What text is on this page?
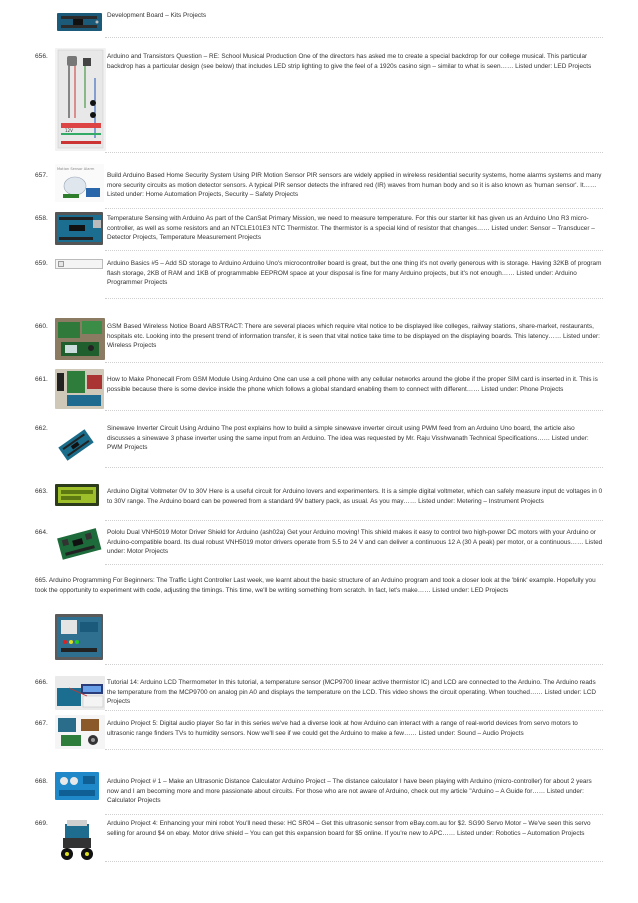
Development Board – Kits Projects
656.
12V
Arduino and Transistors Question – RE: School Musical Production One of the directors has asked me to create a special backdrop for our college musical. This particular backdrop has a particular design (see below) that includes LED strip lighting to give the feel of a 1920s casino sign – similar to what is seen…… Listed under: LED Projects
657.
Motion Sensor Alarm
Build Arduino Based Home Security System Using PIR Motion Sensor PIR sensors are widely applied in wireless residential security systems, home alarms systems and many more security circuits as motion detector sensors. A typical PIR sensor detects the infrared red (IR) waves from human body and so it is also known as 'human sensor'. It…… Listed under: Home Automation Projects, Security – Safety Projects
658.	Temperature Sensing with Arduino As part of the CanSat Primary Mission, we need to measure temperature. For this our starter kit has given us an Arduino Uno R3 micro-controller, as well as some resistors and an NTCLE101E3 NTC Thermistor. The thermistor is a special kind of resistor that changes…… Listed under: Sensor – Transducer – Detector Projects, Temperature Measurement Projects
659.	Arduino Basics #5 – Add SD storage to Arduino Arduino Uno's microcontroller board is great, but the one thing it's not overly generous with is storage. Having 32KB of program flash storage, 2KB of RAM and 1KB of programmable EEPROM space at your disposal is fine for many Arduino projects, but it's not enough…… Listed under: Arduino Programmer Projects
660.	GSM Based Wireless Notice Board ABSTRACT: There are several places which require vital notice to be displayed like colleges, railway stations, share-market, restaurants, hospitals etc. Looking into the present trend of information transfer, it is seen that vital notice take time to be displayed on the displaying boards. This latency…… Listed under: Wireless Projects
661.	How to Make Phonecall From GSM Module Using Arduino One can use a cell phone with any cellular networks around the globe if the proper SIM card is inserted in it. This is possible because there is some device inside the phone which follows a global standard enabling them to connect with different…… Listed under: Phone Projects
662.	Sinewave Inverter Circuit Using Arduino The post explains how to build a simple sinewave inverter circuit using PWM feed from an Arduino Uno board, the article also discusses a sinewave 3 phase inverter using the same input from an Arduino. The idea was requested by Mr. Raju Visshwanath Technical Specifications…… Listed under: PWM Projects
663.	Arduino Digital Voltmeter 0V to 30V Here is a useful circuit for Arduino lovers and experimenters. It is a simple digital voltmeter, which can safely measure input dc voltages in 0 to 30V range. The Arduino board can be powered from a standard 9V battery pack, as usual. As you may…… Listed under: Metering – Instrument Projects
664.	Pololu Dual VNH5019 Motor Driver Shield for Arduino (ash02a) Get your Arduino moving! This shield makes it easy to control two high-power DC motors with your Arduino or Arduino-compatible board. Its dual robust VNH5019 motor drivers operate from 5.5 to 24 V and can deliver a continuous 12 A (30 A peak) per motor, or a continuous…… Listed under: Motor Projects
665. Arduino Programming For Beginners: The Traffic Light Controller Last week, we learnt about the basic structure of an Arduino program and took a closer look at the 'blink' example. Hopefully you took the opportunity to experiment with code, adjusting the timings. This time, we'll be writing something from scratch. In fact, let's make…… Listed under: LED Projects
666.	Tutorial 14: Arduino LCD Thermometer In this tutorial, a temperature sensor (MCP9700 linear active thermistor IC) and LCD are connected to the Arduino. The Arduino reads the temperature from the MCP9700 on analog pin A0 and displays the temperature on the LCD. This video shows the circuit operating. When touched…… Listed under: LCD Projects
667.	Arduino Project 5: Digital audio player So far in this series we've had a diverse look at how Arduino can interact with a range of real-world devices from servo motors to ultrasonic range finders TVs to humidity sensors. Now we'll see if we could get the Arduino to make a few…… Listed under: Sound – Audio Projects
668.	Arduino Project # 1 – Make an Ultrasonic Distance Calculator Arduino Project – The distance calculator I have been playing with Arduino (micro-controller) for about 2 years now and I am becoming more and more passionate about circuits. For those who are not aware of Arduino, check out my article "Arduino – A Guide for…… Listed under: Calculator Projects
669.	Arduino Project 4: Enhancing your mini robot You'll need these: HC SR04 – Get this ultrasonic sensor from eBay.com.au for $2. SG90 Servo Motor – We've seen this servo selling for around $4 on ebay. Motor drive shield – You can get this expansion board for $5 online. If you're new to APC…… Listed under: Robotics – Automation Projects
